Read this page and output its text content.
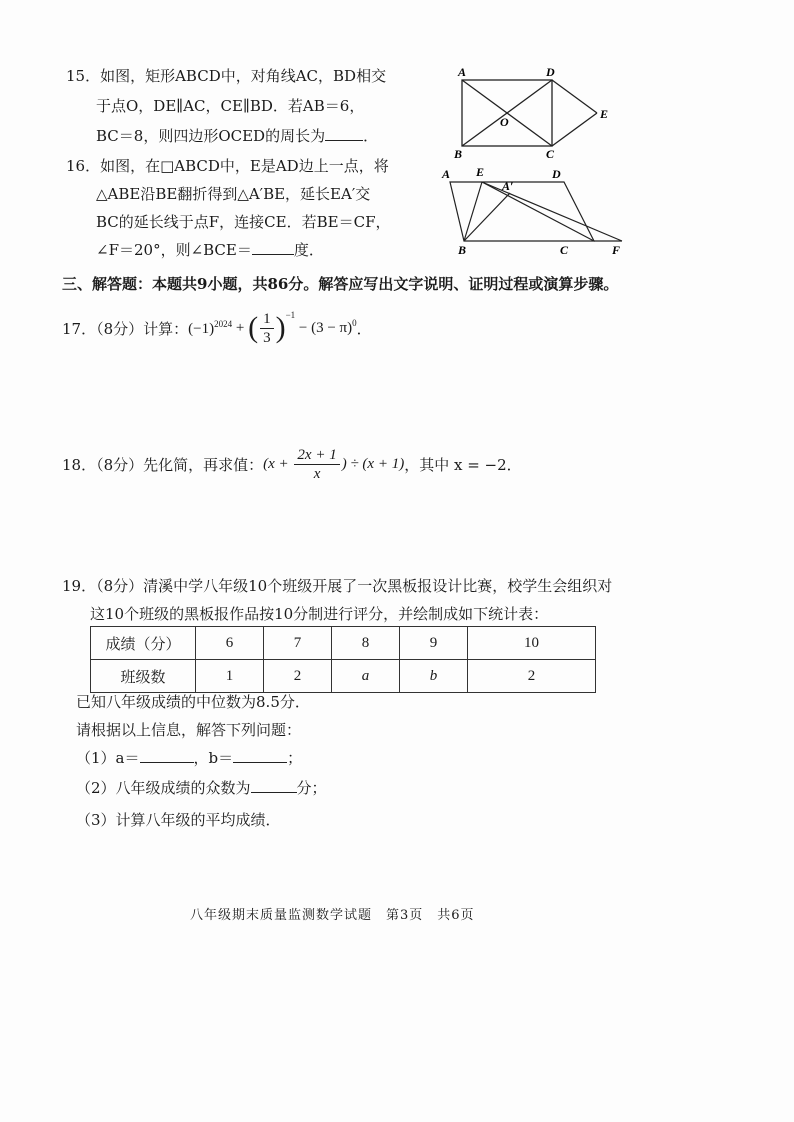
15．如图，矩形ABCD中，对角线AC，BD相交
于点O，DE∥AC，CE∥BD．若AB＝6，
BC＝8，则四边形OCED的周长为	．
A	D
O
E
B	C
16．如图，在□ABCD中，E是AD边上一点，将
△ABE沿BE翻折得到△A′BE，延长EA′交
BC的延长线于点F，连接CE．若BE＝CF，
∠F＝20°，则∠BCE＝	度．
A E
A′
D
B	C	F
三、解答题：本题共9小题，共86分。解答应写出文字说明、证明过程或演算步骤。
17．（8分）计算： $(-1)^{2024}$ + ( $\frac{1}{3} )^{-1}$
− $(3 - \pi)^0$ ．
18．（8分）先化简，再求值： ($x + \frac{2x + 1}{x}$ ) ÷ (x + 1) ，其中 x = −2．
19．（8分）清溪中学八年级10个班级开展了一次黑板报设计比赛，校学生会组织对
这10个班级的黑板报作品按10分制进行评分，并绘制成如下统计表：
成绩（分）	6	7	8	9	10
班级数	1	2	a	b	2
已知八年级成绩的中位数为8.5分．
请根据以上信息，解答下列问题：
（1）a＝	，b＝	；
（2）八年级成绩的众数为	分；
（3）计算八年级的平均成绩．
八年级期末质量监测数学试题　第3页　共6页
